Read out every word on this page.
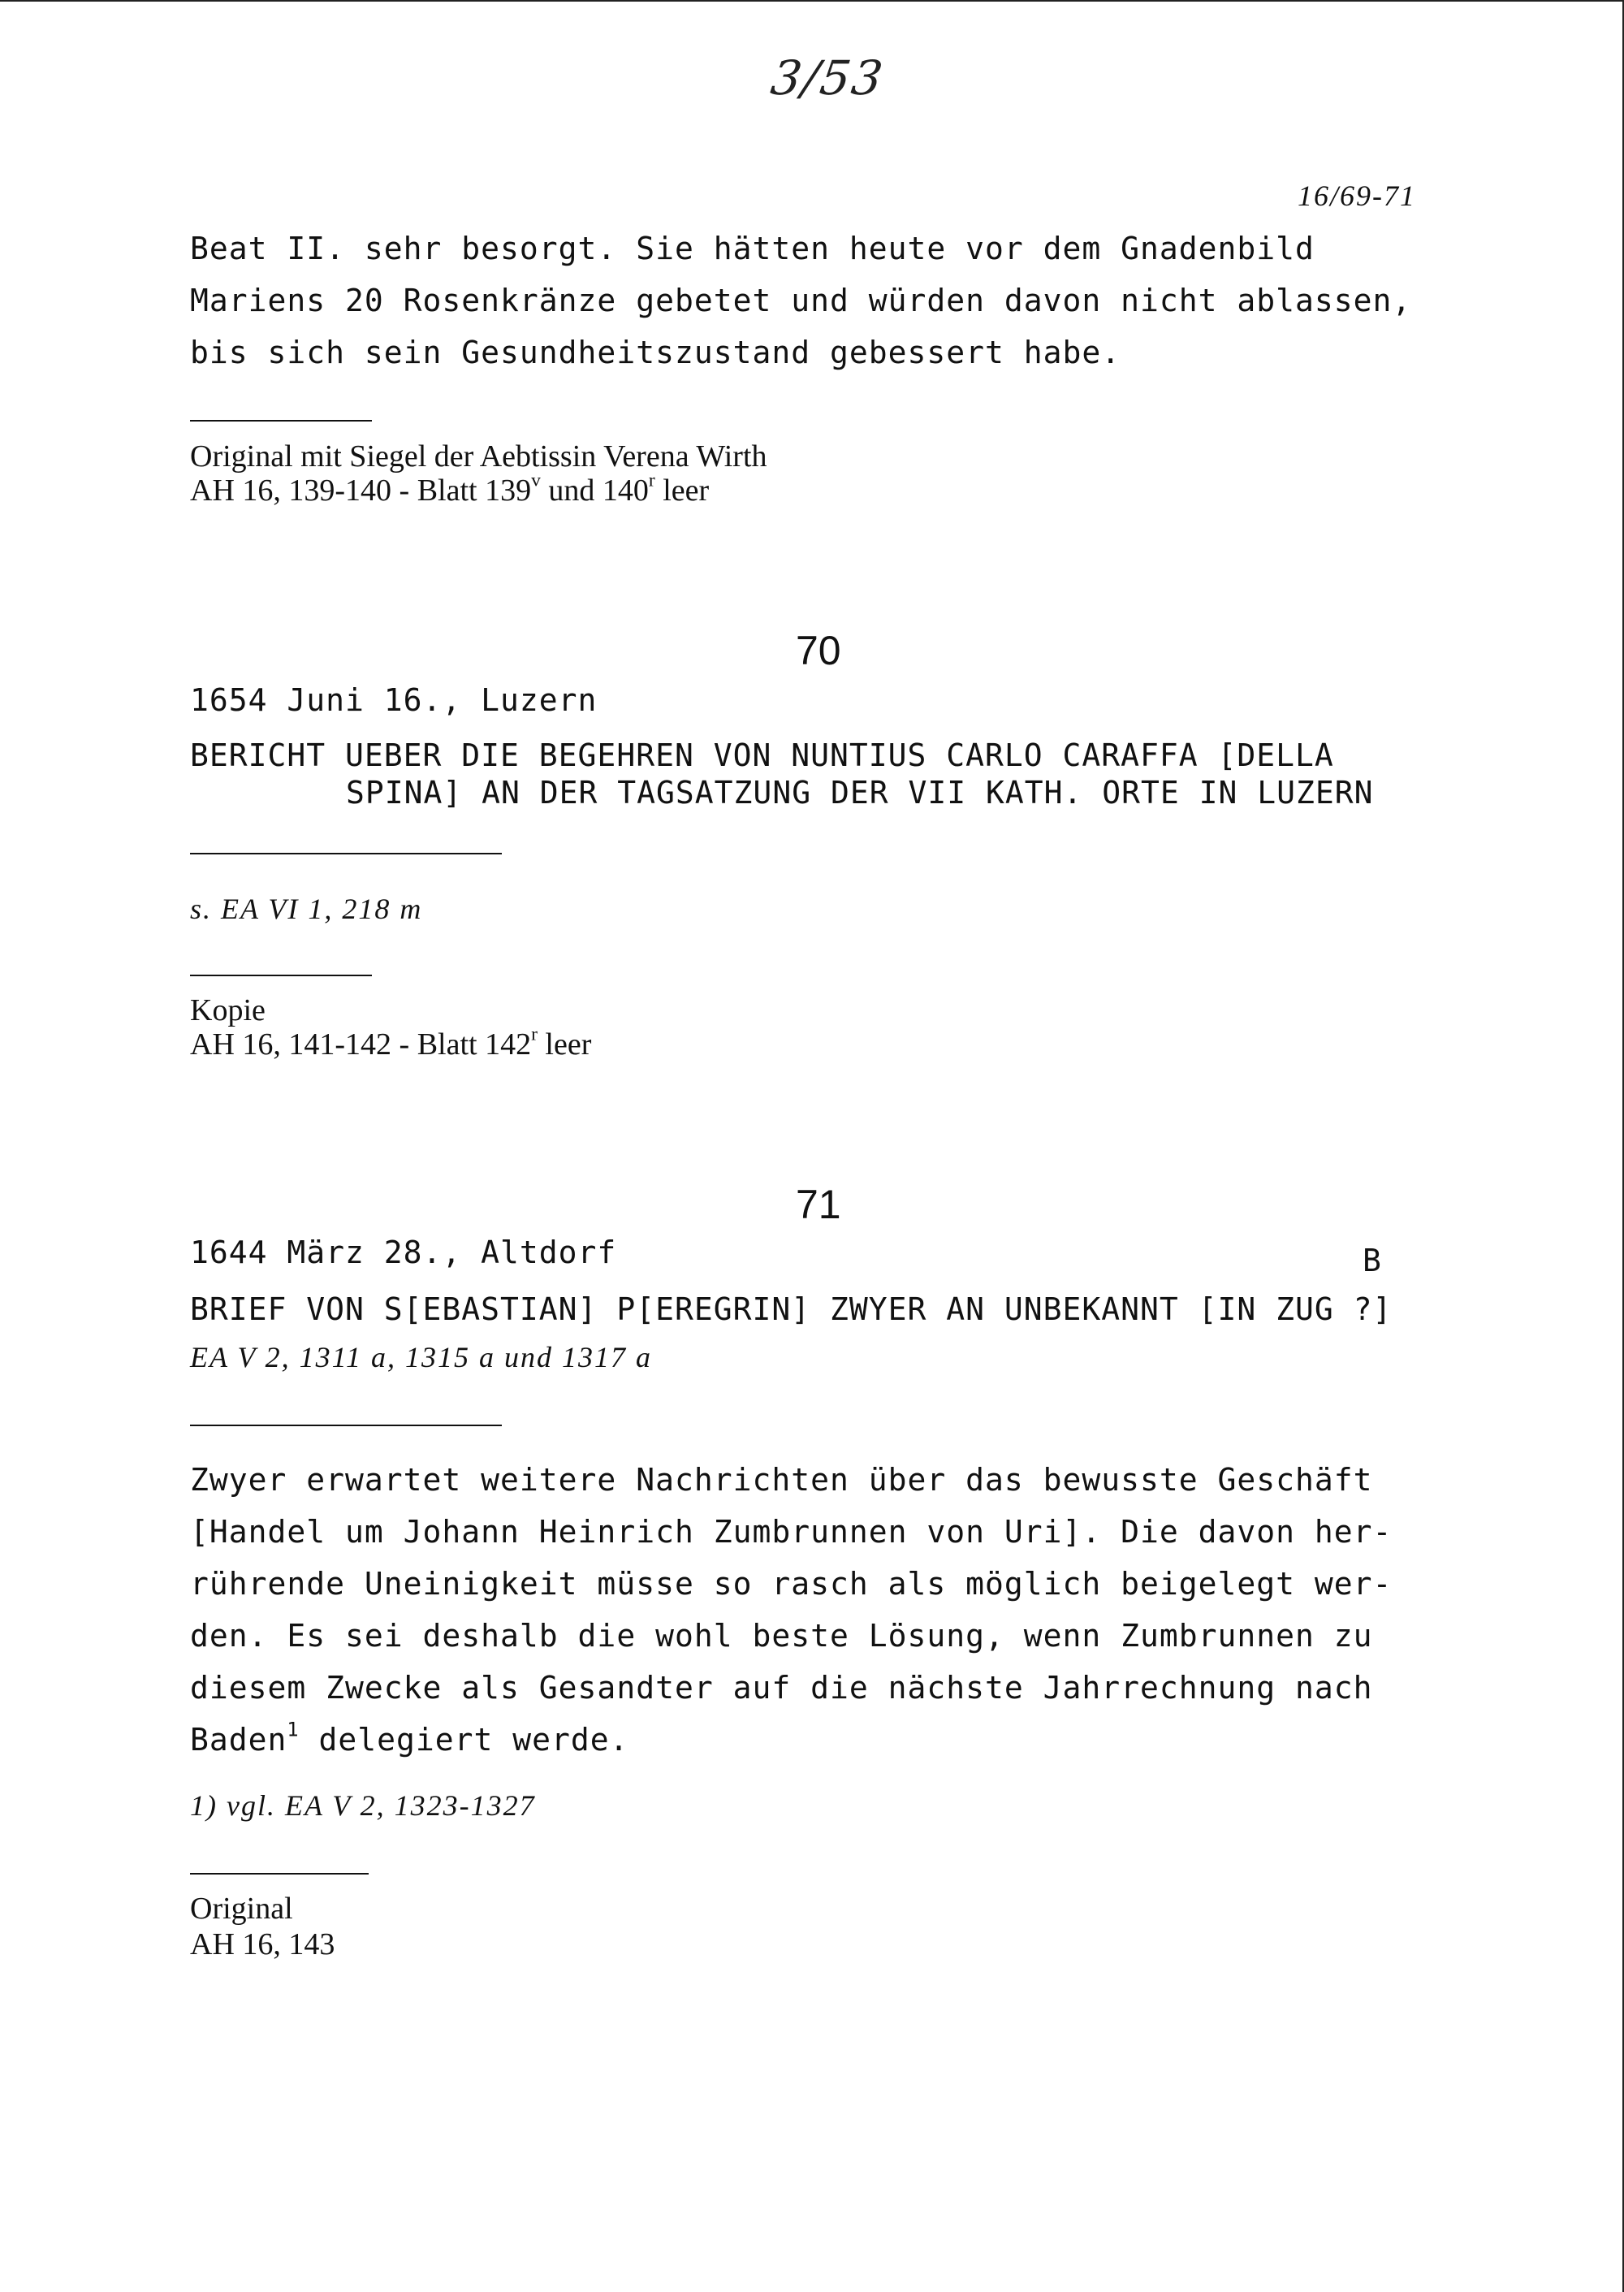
3/53
16/69-71
Beat II. sehr besorgt. Sie hätten heute vor dem Gnadenbild
Mariens 20 Rosenkränze gebetet und würden davon nicht ablassen,
bis sich sein Gesundheitszustand gebessert habe.
Original mit Siegel der Aebtissin Verena Wirth
AH 16, 139-140 - Blatt 139$^v$ und 140$^r$ leer
70
1654 Juni 16., Luzern
BERICHT UEBER DIE BEGEHREN VON NUNTIUS CARLO CARAFFA [DELLA
SPINA] AN DER TAGSATZUNG DER VII KATH. ORTE IN LUZERN
s. EA VI 1, 218 m
Kopie
AH 16, 141-142 - Blatt 142$^r$ leer
71
1644 März 28., Altdorf	B
BRIEF VON S[EBASTIAN] P[EREGRIN] ZWYER AN UNBEKANNT [IN ZUG ?]
EA V 2, 1311 a, 1315 a und 1317 a
Zwyer erwartet weitere Nachrichten über das bewusste Geschäft
[Handel um Johann Heinrich Zumbrunnen von Uri]. Die davon her-
rührende Uneinigkeit müsse so rasch als möglich beigelegt wer-
den. Es sei deshalb die wohl beste Lösung, wenn Zumbrunnen zu
diesem Zwecke als Gesandter auf die nächste Jahrrechnung nach
Baden$^1$ delegiert werde.
1) vgl. EA V 2, 1323-1327
Original
AH 16, 143
